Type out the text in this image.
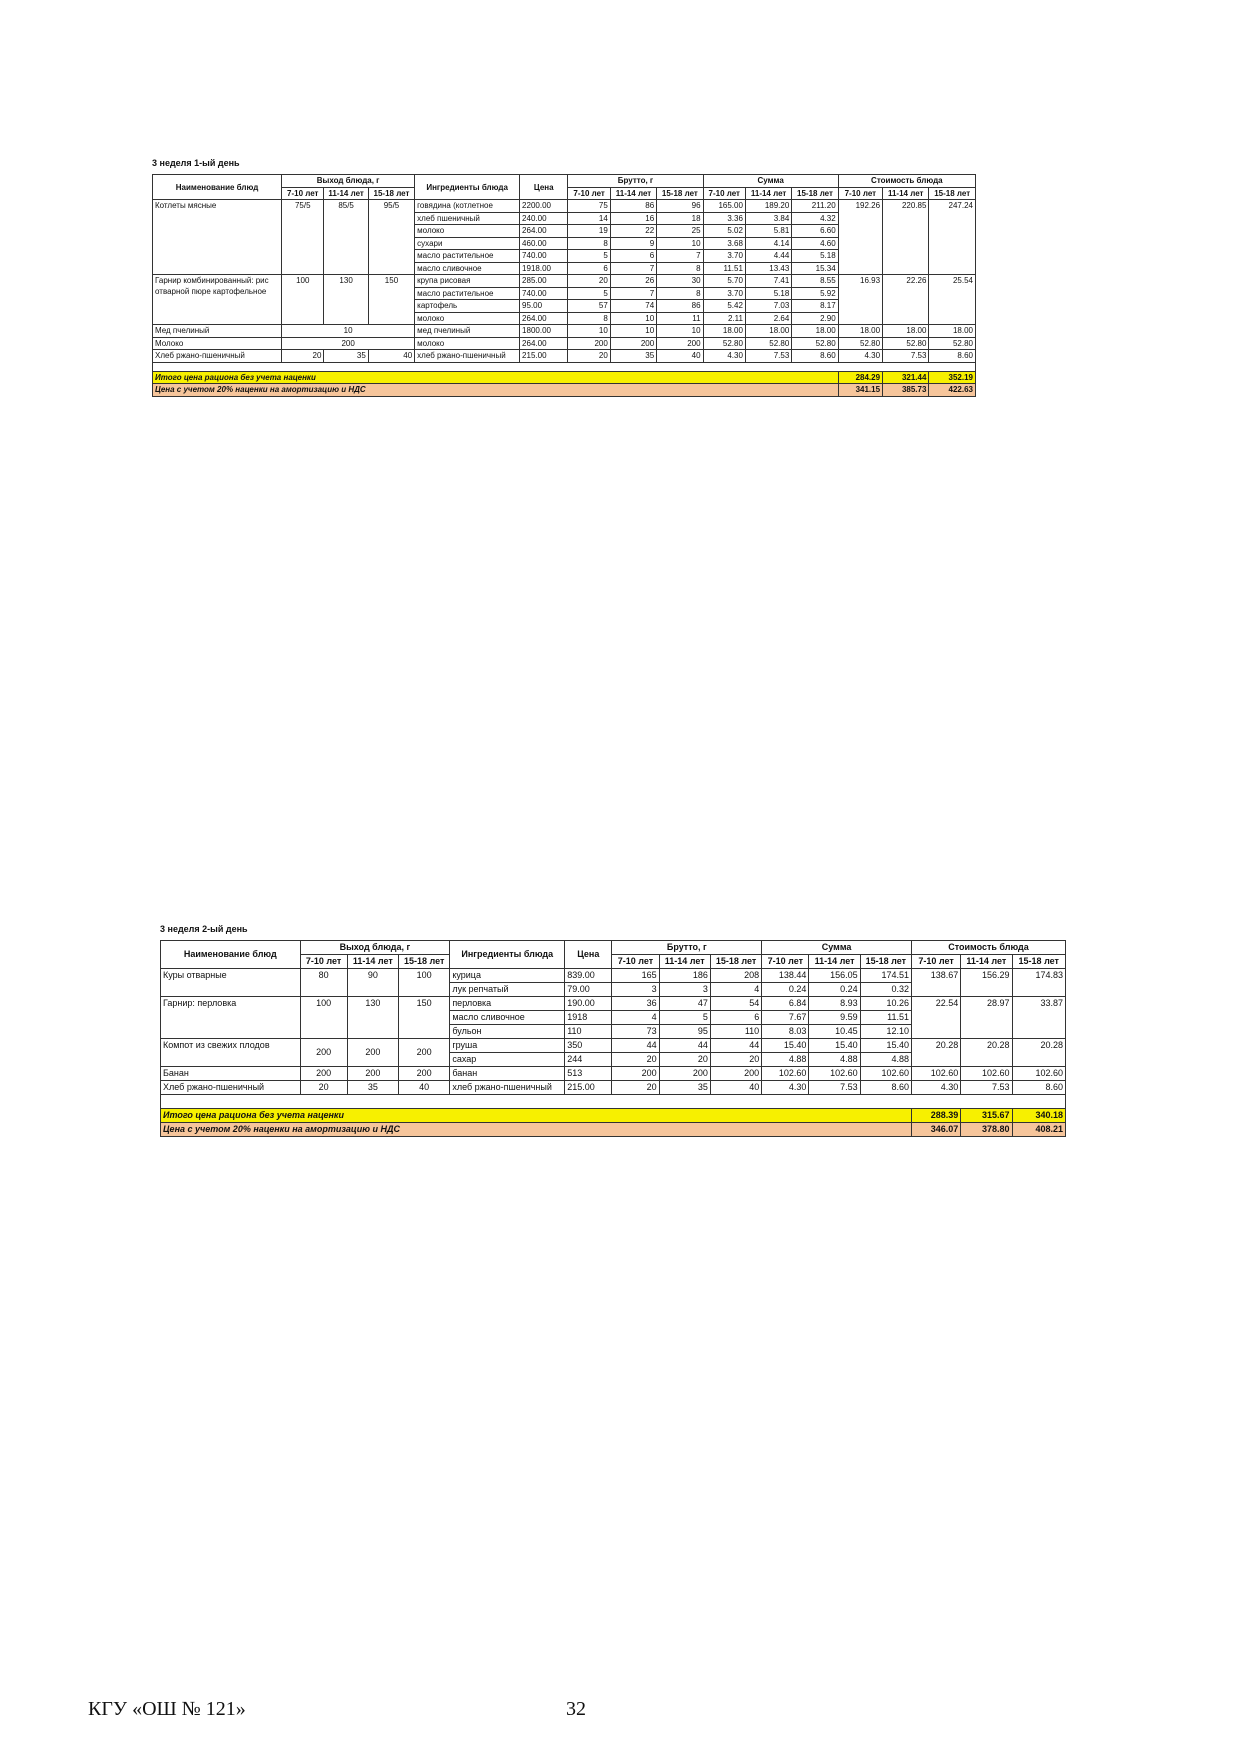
3 неделя 1-ый день
Наименование блюд	Выход блюда, г			Ингредиенты блюда	Цена	Брутто, г			Сумма			Стоимость блюда		
	7-10 лет	11-14 лет	15-18 лет			7-10 лет	11-14 лет	15-18 лет	7-10 лет	11-14 лет	15-18 лет	7-10 лет	11-14 лет	15-18 лет
Котлеты мясные	75/5	85/5	95/5	говядина (котлетное	2200.00	75	86	96	165.00	189.20	211.20	192.26	220.85	247.24
				хлеб пшеничный	240.00	14	16	18	3.36	3.84	4.32			
				молоко	264.00	19	22	25	5.02	5.81	6.60			
				сухари	460.00	8	9	10	3.68	4.14	4.60			
				масло растительное	740.00	5	6	7	3.70	4.44	5.18			
				масло сливочное	1918.00	6	7	8	11.51	13.43	15.34			
Гарнир комбинированный: рис отварной пюре картофельное	100	130	150	крупа рисовая	285.00	20	26	30	5.70	7.41	8.55	16.93	22.26	25.54
				масло растительное	740.00	5	7	8	3.70	5.18	5.92			
				картофель	95.00	57	74	86	5.42	7.03	8.17			
				молоко	264.00	8	10	11	2.11	2.64	2.90			
Мед пчелиный	10			мед пчелиный	1800.00	10	10	10	18.00	18.00	18.00	18.00	18.00	18.00
Молоко	200			молоко	264.00	200	200	200	52.80	52.80	52.80	52.80	52.80	52.80
Хлеб ржано-пшеничный	20	35	40	хлеб ржано-пшеничный	215.00	20	35	40	4.30	7.53	8.60	4.30	7.53	8.60

Итого цена рациона без учета наценки												284.29	321.44	352.19
Цена с учетом 20% наценки на амортизацию и НДС												341.15	385.73	422.63
3 неделя 2-ый день
Наименование блюд	Выход блюда, г			Ингредиенты блюда	Цена	Брутто, г			Сумма			Стоимость блюда		
	7-10 лет	11-14 лет	15-18 лет			7-10 лет	11-14 лет	15-18 лет	7-10 лет	11-14 лет	15-18 лет	7-10 лет	11-14 лет	15-18 лет
Куры отварные	80	90	100	курица	839.00	165	186	208	138.44	156.05	174.51	138.67	156.29	174.83
				лук репчатый	79.00	3	3	4	0.24	0.24	0.32			
Гарнир: перловка	100	130	150	перловка	190.00	36	47	54	6.84	8.93	10.26	22.54	28.97	33.87
				масло сливочное	1918	4	5	6	7.67	9.59	11.51			
				бульон	110	73	95	110	8.03	10.45	12.10			
Компот из свежих плодов	200	200	200	груша	350	44	44	44	15.40	15.40	15.40	20.28	20.28	20.28
				сахар	244	20	20	20	4.88	4.88	4.88			
Банан	200	200	200	банан	513	200	200	200	102.60	102.60	102.60	102.60	102.60	102.60
Хлеб ржано-пшеничный	20	35	40	хлеб ржано-пшеничный	215.00	20	35	40	4.30	7.53	8.60	4.30	7.53	8.60

Итого цена рациона без учета наценки												288.39	315.67	340.18
Цена с учетом 20% наценки на амортизацию и НДС												346.07	378.80	408.21
КГУ «ОШ № 121»	32
